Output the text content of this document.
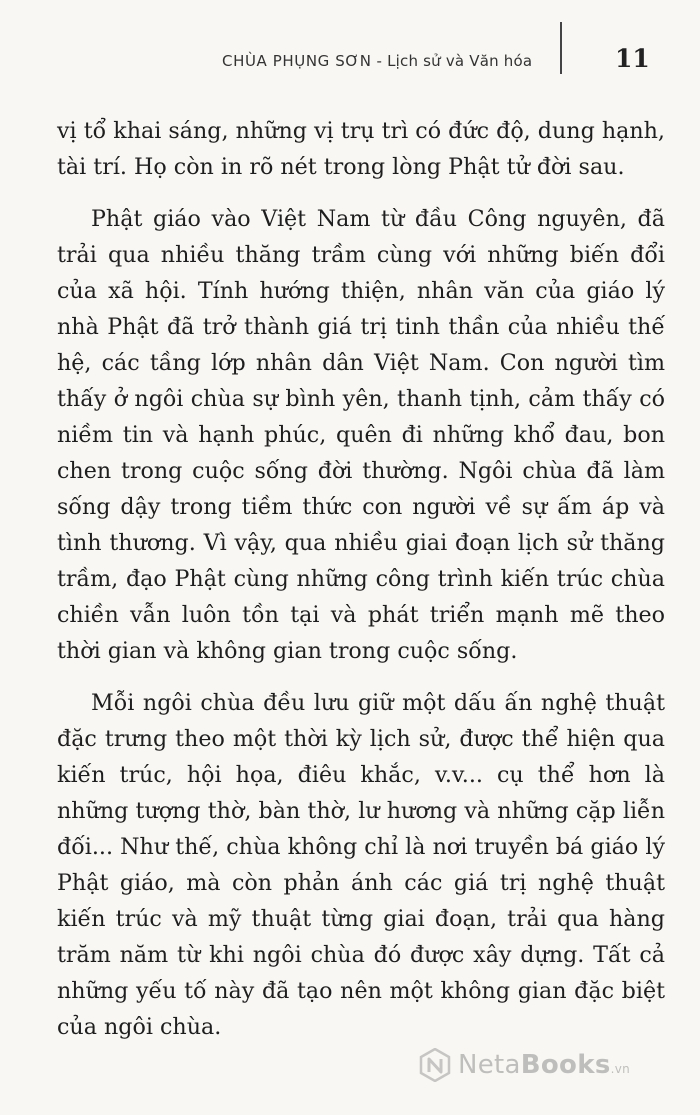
CHÙA PHỤNG SƠN - Lịch sử và Văn hóa	11

vị tổ khai sáng, những vị trụ trì có đức độ, dung hạnh, tài trí. Họ còn in rõ nét trong lòng Phật tử đời sau.

Phật giáo vào Việt Nam từ đầu Công nguyên, đã trải qua nhiều thăng trầm cùng với những biến đổi của xã hội. Tính hướng thiện, nhân văn của giáo lý nhà Phật đã trở thành giá trị tinh thần của nhiều thế hệ, các tầng lớp nhân dân Việt Nam. Con người tìm thấy ở ngôi chùa sự bình yên, thanh tịnh, cảm thấy có niềm tin và hạnh phúc, quên đi những khổ đau, bon chen trong cuộc sống đời thường. Ngôi chùa đã làm sống dậy trong tiềm thức con người về sự ấm áp và tình thương. Vì vậy, qua nhiều giai đoạn lịch sử thăng trầm, đạo Phật cùng những công trình kiến trúc chùa chiền vẫn luôn tồn tại và phát triển mạnh mẽ theo thời gian và không gian trong cuộc sống.

Mỗi ngôi chùa đều lưu giữ một dấu ấn nghệ thuật đặc trưng theo một thời kỳ lịch sử, được thể hiện qua kiến trúc, hội họa, điêu khắc, v.v... cụ thể hơn là những tượng thờ, bàn thờ, lư hương và những cặp liễn đối... Như thế, chùa không chỉ là nơi truyền bá giáo lý Phật giáo, mà còn phản ánh các giá trị nghệ thuật kiến trúc và mỹ thuật từng giai đoạn, trải qua hàng trăm năm từ khi ngôi chùa đó được xây dựng. Tất cả những yếu tố này đã tạo nên một không gian đặc biệt của ngôi chùa.

NetaBooks.vn
